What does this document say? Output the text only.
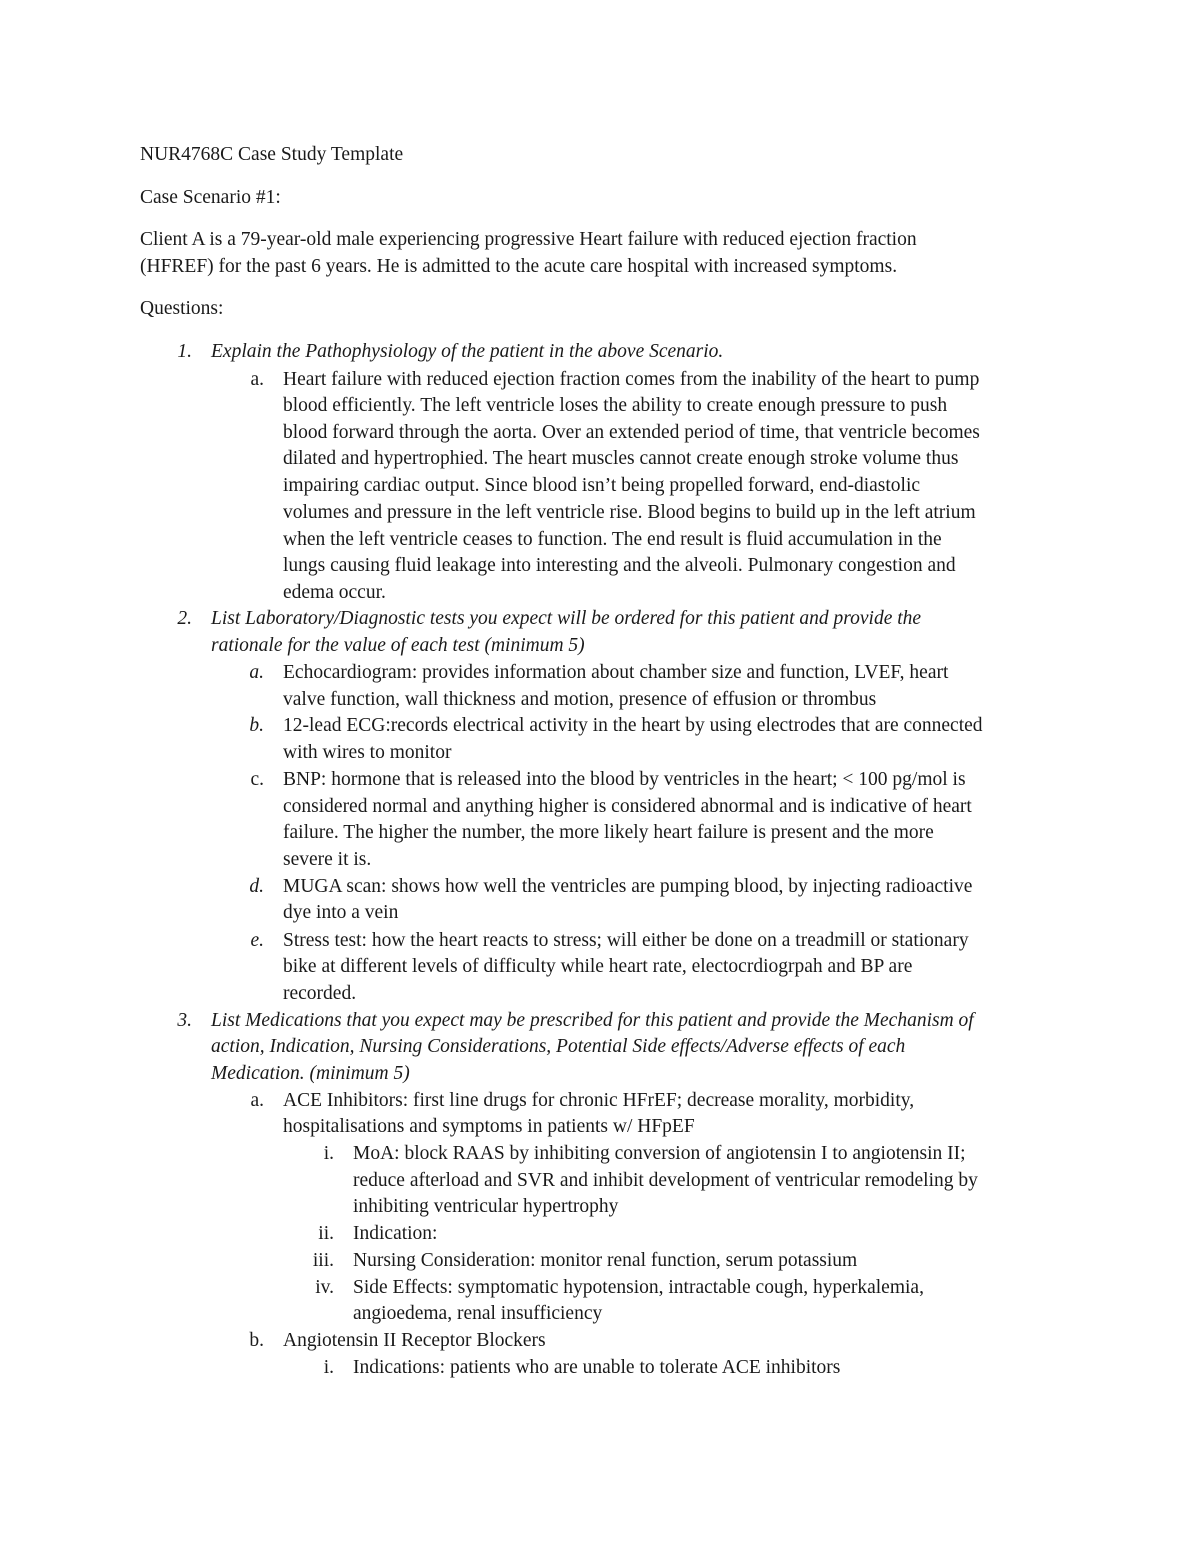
NUR4768C Case Study Template
Case Scenario #1:
Client A is a 79-year-old male experiencing progressive Heart failure with reduced ejection fraction
(HFREF) for the past 6 years. He is admitted to the acute care hospital with increased symptoms.
Questions:
1. Explain the Pathophysiology of the patient in the above Scenario.
a. Heart failure with reduced ejection fraction comes from the inability of the heart to pump
blood efficiently. The left ventricle loses the ability to create enough pressure to push
blood forward through the aorta. Over an extended period of time, that ventricle becomes
dilated and hypertrophied. The heart muscles cannot create enough stroke volume thus
impairing cardiac output. Since blood isn’t being propelled forward, end-diastolic
volumes and pressure in the left ventricle rise. Blood begins to build up in the left atrium
when the left ventricle ceases to function. The end result is fluid accumulation in the
lungs causing fluid leakage into interesting and the alveoli. Pulmonary congestion and
edema occur.
2. List Laboratory/Diagnostic tests you expect will be ordered for this patient and provide the
rationale for the value of each test (minimum 5)
a. Echocardiogram: provides information about chamber size and function, LVEF, heart
valve function, wall thickness and motion, presence of effusion or thrombus
b. 12-lead ECG:records electrical activity in the heart by using electrodes that are connected
with wires to monitor
c. BNP: hormone that is released into the blood by ventricles in the heart; < 100 pg/mol is
considered normal and anything higher is considered abnormal and is indicative of heart
failure. The higher the number, the more likely heart failure is present and the more
severe it is.
d. MUGA scan: shows how well the ventricles are pumping blood, by injecting radioactive
dye into a vein
e. Stress test: how the heart reacts to stress; will either be done on a treadmill or stationary
bike at different levels of difficulty while heart rate, electocrdiogrpah and BP are
recorded.
3. List Medications that you expect may be prescribed for this patient and provide the Mechanism of
action, Indication, Nursing Considerations, Potential Side effects/Adverse effects of each
Medication. (minimum 5)
a. ACE Inhibitors: first line drugs for chronic HFrEF; decrease morality, morbidity,
hospitalisations and symptoms in patients w/ HFpEF
i. MoA: block RAAS by inhibiting conversion of angiotensin I to angiotensin II;
reduce afterload and SVR and inhibit development of ventricular remodeling by
inhibiting ventricular hypertrophy
ii. Indication:
iii. Nursing Consideration: monitor renal function, serum potassium
iv. Side Effects: symptomatic hypotension, intractable cough, hyperkalemia,
angioedema, renal insufficiency
b. Angiotensin II Receptor Blockers
i. Indications: patients who are unable to tolerate ACE inhibitors
